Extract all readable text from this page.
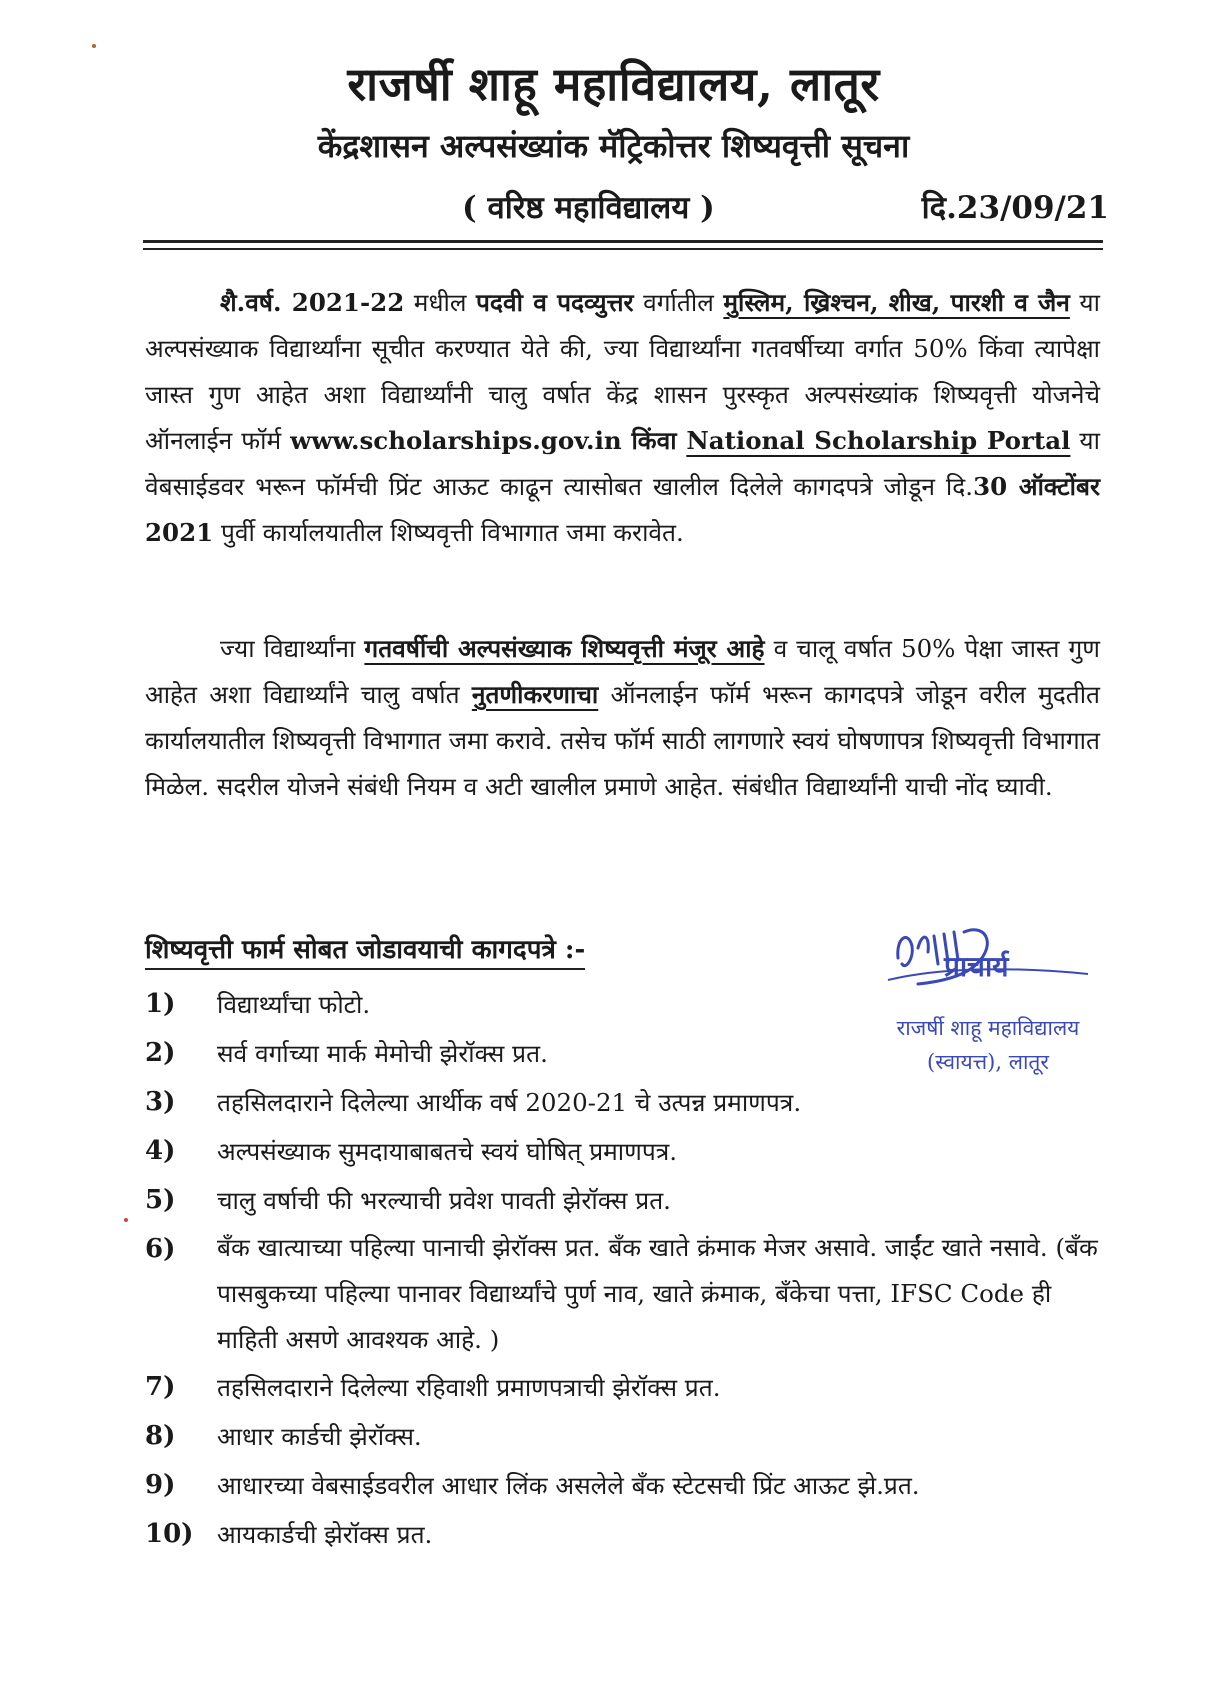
राजर्षी शाहू महाविद्यालय, लातूर
केंद्रशासन अल्पसंख्यांक मॅट्रिकोत्तर शिष्यवृत्ती सूचना
( वरिष्ठ महाविद्यालय )	दि.23/09/21
शै.वर्ष. 2021-22 मधील पदवी व पदव्युत्तर वर्गातील मुस्लिम, ख्रिश्चन, शीख, पारशी व जैन या अल्पसंख्याक विद्यार्थ्यांना सूचीत करण्यात येते की, ज्या विद्यार्थ्यांना गतवर्षीच्या वर्गात 50% किंवा त्यापेक्षा जास्त गुण आहेत अशा विद्यार्थ्यांनी चालु वर्षात केंद्र शासन पुरस्कृत अल्पसंख्यांक शिष्यवृत्ती योजनेचे ऑनलाईन फॉर्म www.scholarships.gov.in किंवा National Scholarship Portal या वेबसाईडवर भरून फॉर्मची प्रिंट आऊट काढून त्यासोबत खालील दिलेले कागदपत्रे जोडून दि.30 ऑक्टोंबर 2021 पुर्वी कार्यालयातील शिष्यवृत्ती विभागात जमा करावेत.
ज्या विद्यार्थ्यांना गतवर्षीची अल्पसंख्याक शिष्यवृत्ती मंजूर आहे व चालू वर्षात 50% पेक्षा जास्त गुण आहेत अशा विद्यार्थ्यांने चालु वर्षात नुतणीकरणाचा ऑनलाईन फॉर्म भरून कागदपत्रे जोडून वरील मुदतीत कार्यालयातील शिष्यवृत्ती विभागात जमा करावे. तसेच फॉर्म साठी लागणारे स्वयं घोषणापत्र शिष्यवृत्ती विभागात मिळेल. सदरील योजने संबंधी नियम व अटी खालील प्रमाणे आहेत. संबंधीत विद्यार्थ्यांनी याची नोंद घ्यावी.
शिष्यवृत्ती फार्म सोबत जोडावयाची कागदपत्रे :-
1)	विद्यार्थ्यांचा फोटो.
2)	सर्व वर्गाच्या मार्क मेमोची झेरॉक्स प्रत.
3)	तहसिलदाराने दिलेल्या आर्थीक वर्ष 2020-21 चे उत्पन्न प्रमाणपत्र.
4)	अल्पसंख्याक सुमदायाबाबतचे स्वयं घोषित् प्रमाणपत्र.
5)	चालु वर्षाची फी भरल्याची प्रवेश पावती झेरॉक्स प्रत.
6)	बँक खात्याच्या पहिल्या पानाची झेरॉक्स प्रत. बँक खाते क्रंमाक मेजर असावे. जाईंट खाते नसावे. (बँक पासबुकच्या पहिल्या पानावर विद्यार्थ्यांचे पुर्ण नाव, खाते क्रंमाक, बँकेचा पत्ता, IFSC Code ही माहिती असणे आवश्यक आहे. )
7)	तहसिलदाराने दिलेल्या रहिवाशी प्रमाणपत्राची झेरॉक्स प्रत.
8)	आधार कार्डची झेरॉक्स.
9)	आधारच्या वेबसाईडवरील आधार लिंक असलेले बँक स्टेटसची प्रिंट आऊट झे.प्रत.
10) आयकार्डची झेरॉक्स प्रत.
प्राचार्य
राजर्षी शाहू महाविद्यालय
(स्वायत्त), लातूर
